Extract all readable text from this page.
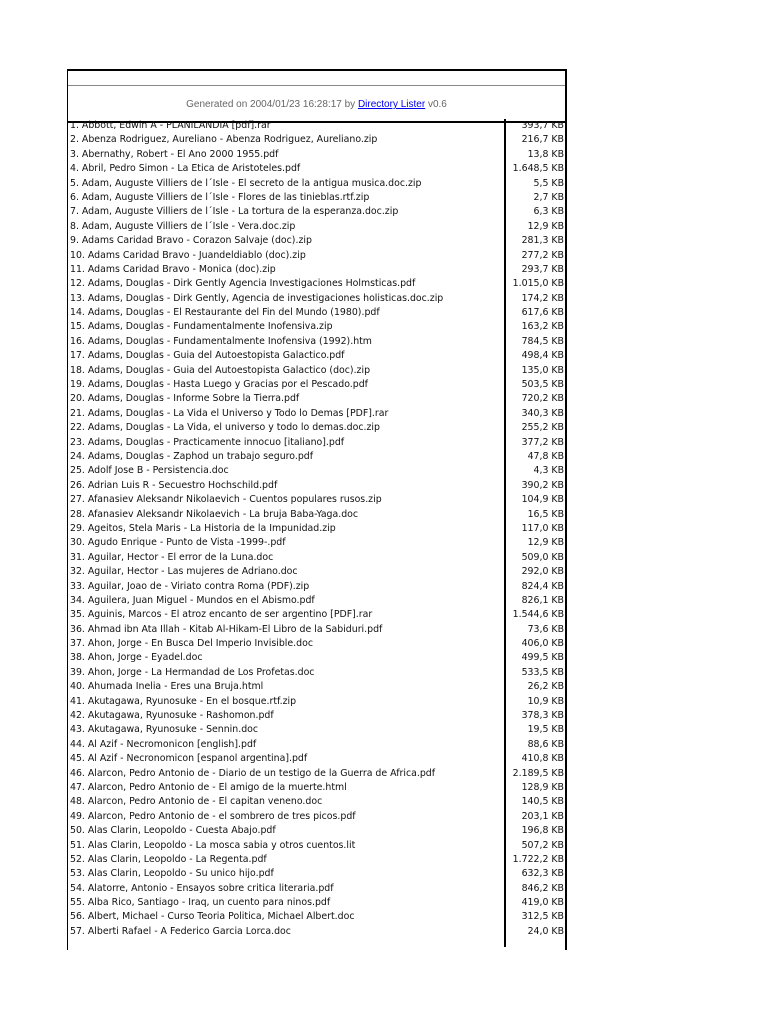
Generated on 2004/01/23 16:28:17 by Directory Lister v0.6
1. Abbott, Edwin A - PLANILANDIA [pdf].rar	393,7 KB
2. Abenza Rodriguez, Aureliano - Abenza Rodriguez, Aureliano.zip	216,7 KB
3. Abernathy, Robert - El Ano 2000 1955.pdf	13,8 KB
4. Abril, Pedro Simon - La Etica de Aristoteles.pdf	1.648,5 KB
5. Adam, Auguste Villiers de l´Isle - El secreto de la antigua musica.doc.zip	5,5 KB
6. Adam, Auguste Villiers de l´Isle - Flores de las tinieblas.rtf.zip	2,7 KB
7. Adam, Auguste Villiers de l´Isle - La tortura de la esperanza.doc.zip	6,3 KB
8. Adam, Auguste Villiers de l´Isle - Vera.doc.zip	12,9 KB
9. Adams Caridad Bravo - Corazon Salvaje (doc).zip	281,3 KB
10. Adams Caridad Bravo - Juandeldiablo (doc).zip	277,2 KB
11. Adams Caridad Bravo - Monica (doc).zip	293,7 KB
12. Adams, Douglas - Dirk Gently Agencia Investigaciones Holmsticas.pdf	1.015,0 KB
13. Adams, Douglas - Dirk Gently, Agencia de investigaciones holisticas.doc.zip	174,2 KB
14. Adams, Douglas - El Restaurante del Fin del Mundo (1980).pdf	617,6 KB
15. Adams, Douglas - Fundamentalmente Inofensiva.zip	163,2 KB
16. Adams, Douglas - Fundamentalmente Inofensiva (1992).htm	784,5 KB
17. Adams, Douglas - Guia del Autoestopista Galactico.pdf	498,4 KB
18. Adams, Douglas - Guia del Autoestopista Galactico (doc).zip	135,0 KB
19. Adams, Douglas - Hasta Luego y Gracias por el Pescado.pdf	503,5 KB
20. Adams, Douglas - Informe Sobre la Tierra.pdf	720,2 KB
21. Adams, Douglas - La Vida el Universo y Todo lo Demas [PDF].rar	340,3 KB
22. Adams, Douglas - La Vida, el universo y todo lo demas.doc.zip	255,2 KB
23. Adams, Douglas - Practicamente innocuo [italiano].pdf	377,2 KB
24. Adams, Douglas - Zaphod un trabajo seguro.pdf	47,8 KB
25. Adolf Jose B - Persistencia.doc	4,3 KB
26. Adrian Luis R - Secuestro Hochschild.pdf	390,2 KB
27. Afanasiev Aleksandr Nikolaevich - Cuentos populares rusos.zip	104,9 KB
28. Afanasiev Aleksandr Nikolaevich - La bruja Baba-Yaga.doc	16,5 KB
29. Ageitos, Stela Maris - La Historia de la Impunidad.zip	117,0 KB
30. Agudo Enrique - Punto de Vista -1999-.pdf	12,9 KB
31. Aguilar, Hector - El error de la Luna.doc	509,0 KB
32. Aguilar, Hector - Las mujeres de Adriano.doc	292,0 KB
33. Aguilar, Joao de - Viriato contra Roma (PDF).zip	824,4 KB
34. Aguilera, Juan Miguel - Mundos en el Abismo.pdf	826,1 KB
35. Aguinis, Marcos - El atroz encanto de ser argentino [PDF].rar	1.544,6 KB
36. Ahmad ibn Ata Illah - Kitab Al-Hikam-El Libro de la Sabiduri.pdf	73,6 KB
37. Ahon, Jorge - En Busca Del Imperio Invisible.doc	406,0 KB
38. Ahon, Jorge - Eyadel.doc	499,5 KB
39. Ahon, Jorge - La Hermandad de Los Profetas.doc	533,5 KB
40. Ahumada Inelia - Eres una Bruja.html	26,2 KB
41. Akutagawa, Ryunosuke - En el bosque.rtf.zip	10,9 KB
42. Akutagawa, Ryunosuke - Rashomon.pdf	378,3 KB
43. Akutagawa, Ryunosuke - Sennin.doc	19,5 KB
44. Al Azif - Necromonicon [english].pdf	88,6 KB
45. Al Azif - Necronomicon [espanol argentina].pdf	410,8 KB
46. Alarcon, Pedro Antonio de - Diario de un testigo de la Guerra de Africa.pdf	2.189,5 KB
47. Alarcon, Pedro Antonio de - El amigo de la muerte.html	128,9 KB
48. Alarcon, Pedro Antonio de - El capitan veneno.doc	140,5 KB
49. Alarcon, Pedro Antonio de - el sombrero de tres picos.pdf	203,1 KB
50. Alas Clarin, Leopoldo - Cuesta Abajo.pdf	196,8 KB
51. Alas Clarin, Leopoldo - La mosca sabia y otros cuentos.lit	507,2 KB
52. Alas Clarin, Leopoldo - La Regenta.pdf	1.722,2 KB
53. Alas Clarin, Leopoldo - Su unico hijo.pdf	632,3 KB
54. Alatorre, Antonio - Ensayos sobre critica literaria.pdf	846,2 KB
55. Alba Rico, Santiago - Iraq, un cuento para ninos.pdf	419,0 KB
56. Albert, Michael - Curso Teoria Politica, Michael Albert.doc	312,5 KB
57. Alberti Rafael - A Federico Garcia Lorca.doc	24,0 KB
